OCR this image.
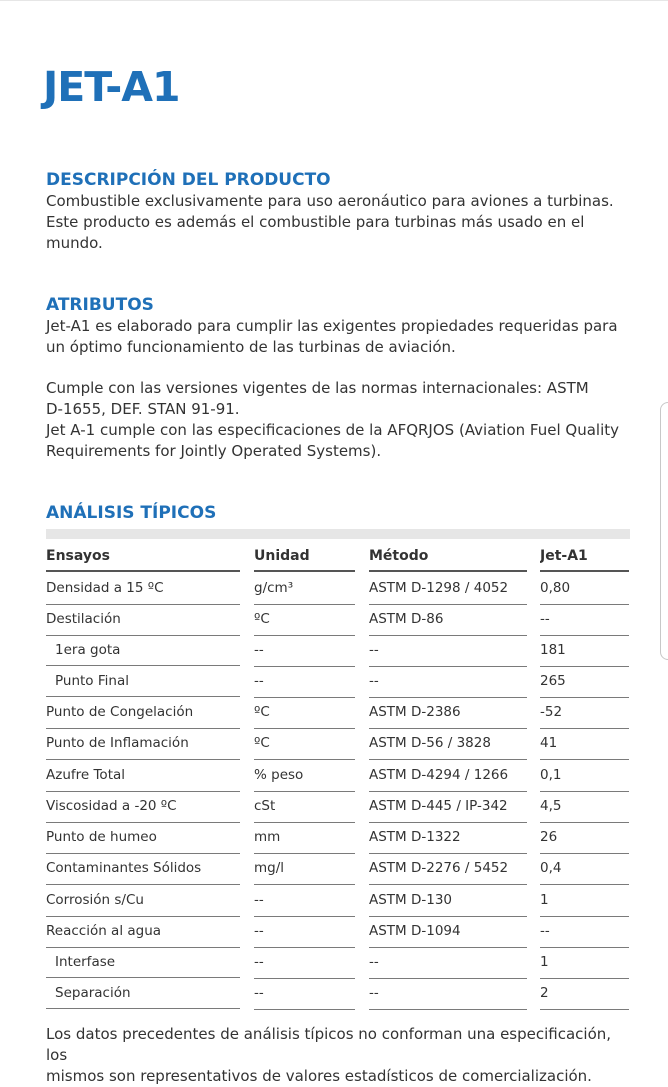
JET-A1
DESCRIPCIÓN DEL PRODUCTO

Combustible exclusivamente para uso aeronáutico para aviones a turbinas.
Este producto es además el combustible para turbinas más usado en el
mundo.

ATRIBUTOS

Jet-A1 es elaborado para cumplir las exigentes propiedades requeridas para
un óptimo funcionamiento de las turbinas de aviación.

Cumple con las versiones vigentes de las normas internacionales: ASTM
D-1655, DEF. STAN 91-91.
Jet A-1 cumple con las especificaciones de la AFQRJOS (Aviation Fuel Quality
Requirements for Jointly Operated Systems).

ANÁLISIS TÍPICOS
Ensayos	Unidad	Método	Jet-A1
Densidad a 15 ºC	g/cm³	ASTM D-1298 / 4052	0,80
Destilación	ºC	ASTM D-86	--
1era gota	--	--	181
Punto Final	--	--	265
Punto de Congelación	ºC	ASTM D-2386	-52
Punto de Inflamación	ºC	ASTM D-56 / 3828	41
Azufre Total	% peso	ASTM D-4294 / 1266	0,1
Viscosidad a -20 ºC	cSt	ASTM D-445 / IP-342	4,5
Punto de humeo	mm	ASTM D-1322	26
Contaminantes Sólidos	mg/l	ASTM D-2276 / 5452	0,4
Corrosión s/Cu	--	ASTM D-130	1
Reacción al agua	--	ASTM D-1094	--
Interfase	--	--	1
Separación	--	--	2

Los datos precedentes de análisis típicos no conforman una especificación, los
mismos son representativos de valores estadísticos de comercialización.
